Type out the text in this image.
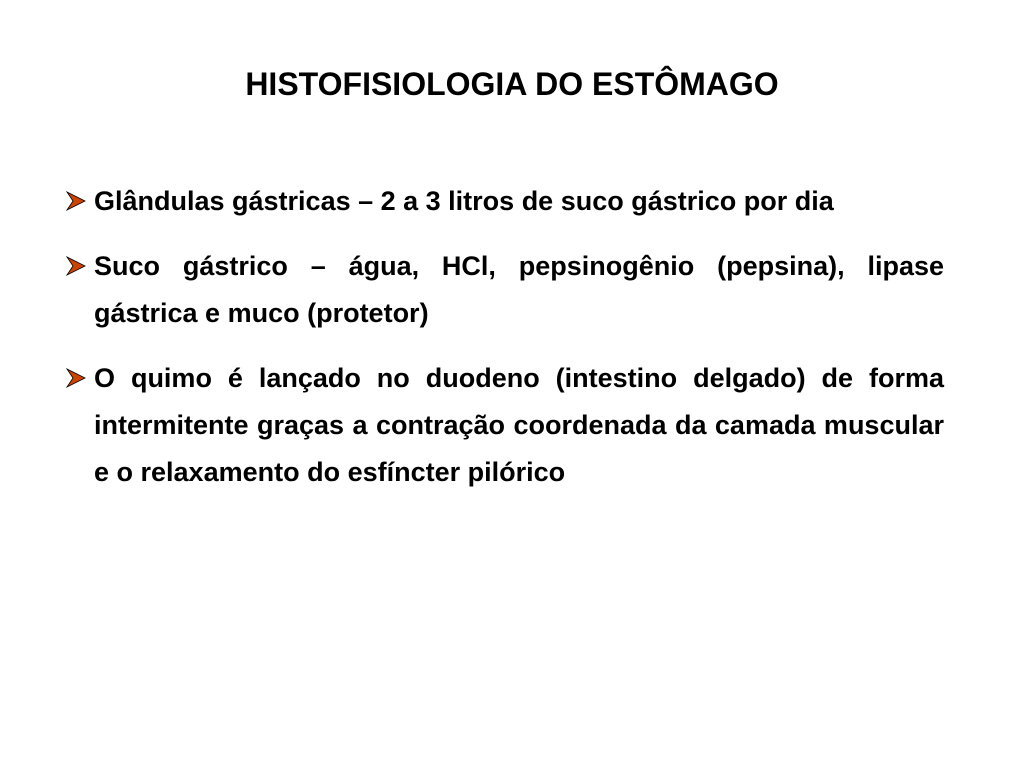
HISTOFISIOLOGIA DO ESTÔMAGO
Glândulas gástricas – 2 a 3 litros de suco gástrico por dia
Suco gástrico – água, HCl, pepsinogênio (pepsina), lipase gástrica e muco (protetor)
O quimo é lançado no duodeno (intestino delgado) de forma intermitente graças a contração coordenada da camada muscular e o relaxamento do esfíncter pilórico
